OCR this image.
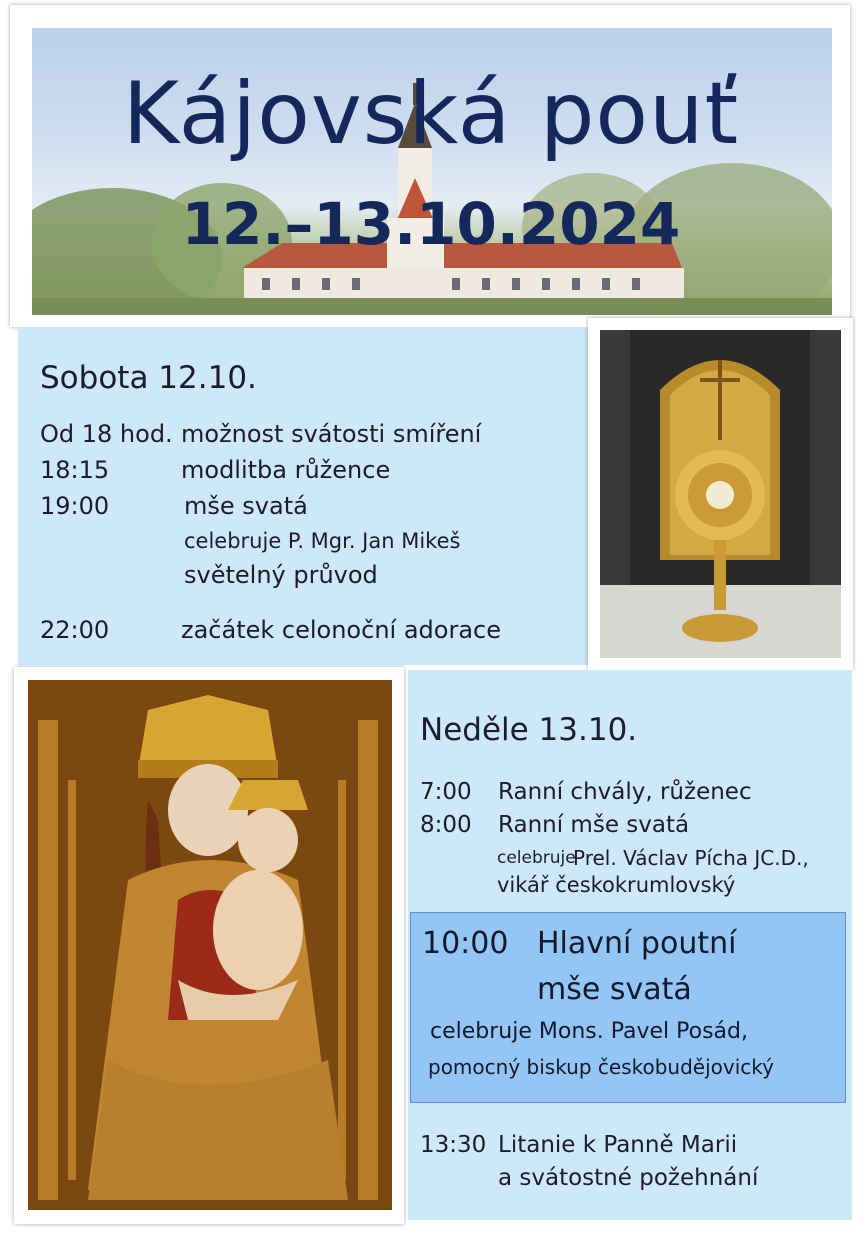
Kájovská pouť
12.–13.10.2024
Sobota 12.10.
Od 18 hod. možnost svátosti smíření
18:15	modlitba růžence
19:00	mše svatá
celebruje P. Mgr. Jan Mikeš
světelný průvod
22:00	začátek celonoční adorace
Neděle 13.10.
7:00 Ranní chvály, růženec
8:00 Ranní mše svatá
celebruje
Prel. Václav Pícha JC.D.,
vikář českokrumlovský
10:00 Hlavní poutní
mše svatá
celebruje Mons. Pavel Posád,
pomocný biskup českobudějovický
13:30 Litanie k Panně Marii
a svátostné požehnání
